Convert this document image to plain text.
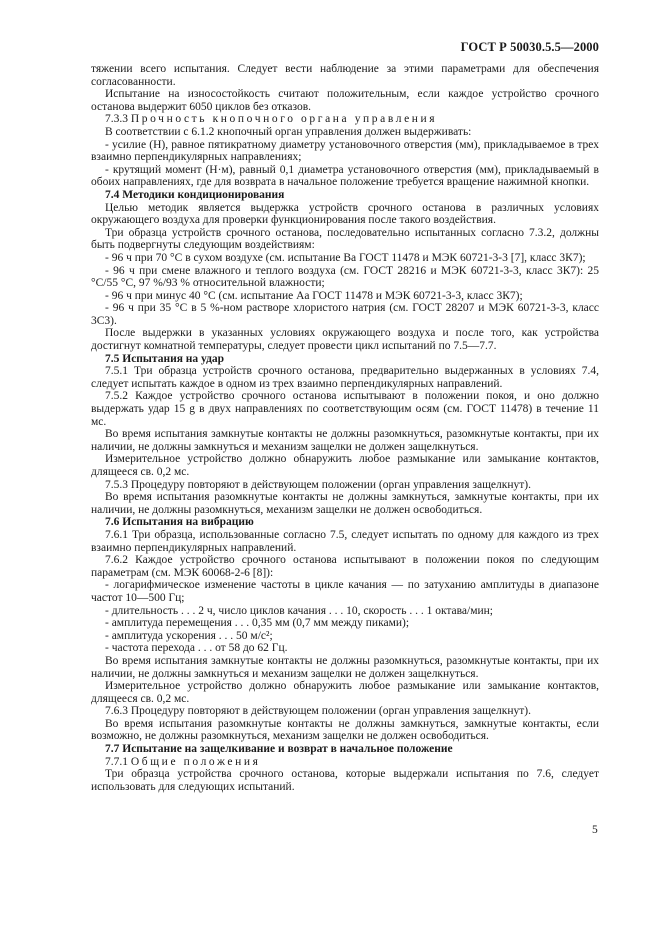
ГОСТ Р 50030.5.5—2000
тяжении всего испытания. Следует вести наблюдение за этими параметрами для обеспечения согласованности.
Испытание на износостойкость считают положительным, если каждое устройство срочного останова выдержит 6050 циклов без отказов.
7.3.3 Прочность кнопочного органа управления
В соответствии с 6.1.2 кнопочный орган управления должен выдерживать:
- усилие (Н), равное пятикратному диаметру установочного отверстия (мм), прикладываемое в трех взаимно перпендикулярных направлениях;
- крутящий момент (Н·м), равный 0,1 диаметра установочного отверстия (мм), прикладываемый в обоих направлениях, где для возврата в начальное положение требуется вращение нажимной кнопки.
7.4 Методики кондиционирования
Целью методик является выдержка устройств срочного останова в различных условиях окружающего воздуха для проверки функционирования после такого воздействия.
Три образца устройств срочного останова, последовательно испытанных согласно 7.3.2, должны быть подвергнуты следующим воздействиям:
- 96 ч при 70 °С в сухом воздухе (см. испытание Ва ГОСТ 11478 и МЭК 60721-3-3 [7], класс 3К7);
- 96 ч при смене влажного и теплого воздуха (см. ГОСТ 28216 и МЭК 60721-3-3, класс 3К7): 25 °С/55 °С, 97 %/93 % относительной влажности;
- 96 ч при минус 40 °С (см. испытание Аа ГОСТ 11478 и МЭК 60721-3-3, класс 3К7);
- 96 ч при 35 °С в 5 %-ном растворе хлористого натрия (см. ГОСТ 28207 и МЭК 60721-3-3, класс 3С3).
После выдержки в указанных условиях окружающего воздуха и после того, как устройства достигнут комнатной температуры, следует провести цикл испытаний по 7.5—7.7.
7.5 Испытания на удар
7.5.1 Три образца устройств срочного останова, предварительно выдержанных в условиях 7.4, следует испытать каждое в одном из трех взаимно перпендикулярных направлений.
7.5.2 Каждое устройство срочного останова испытывают в положении покоя, и оно должно выдержать удар 15 g в двух направлениях по соответствующим осям (см. ГОСТ 11478) в течение 11 мс.
Во время испытания замкнутые контакты не должны разомкнуться, разомкнутые контакты, при их наличии, не должны замкнуться и механизм защелки не должен защелкнуться.
Измерительное устройство должно обнаружить любое размыкание или замыкание контактов, длящееся св. 0,2 мс.
7.5.3 Процедуру повторяют в действующем положении (орган управления защелкнут).
Во время испытания разомкнутые контакты не должны замкнуться, замкнутые контакты, при их наличии, не должны разомкнуться, механизм защелки не должен освободиться.
7.6 Испытания на вибрацию
7.6.1 Три образца, использованные согласно 7.5, следует испытать по одному для каждого из трех взаимно перпендикулярных направлений.
7.6.2 Каждое устройство срочного останова испытывают в положении покоя по следующим параметрам (см. МЭК 60068-2-6 [8]):
- логарифмическое изменение частоты в цикле качания — по затуханию амплитуды в диапазоне частот 10—500 Гц;
- длительность . . . 2 ч, число циклов качания . . . 10, скорость . . . 1 октава/мин;
- амплитуда перемещения . . . 0,35 мм (0,7 мм между пиками);
- амплитуда ускорения . . . 50 м/с²;
- частота перехода . . . от 58 до 62 Гц.
Во время испытания замкнутые контакты не должны разомкнуться, разомкнутые контакты, при их наличии, не должны замкнуться и механизм защелки не должен защелкнуться.
Измерительное устройство должно обнаружить любое размыкание или замыкание контактов, длящееся св. 0,2 мс.
7.6.3 Процедуру повторяют в действующем положении (орган управления защелкнут).
Во время испытания разомкнутые контакты не должны замкнуться, замкнутые контакты, если возможно, не должны разомкнуться, механизм защелки не должен освободиться.
7.7 Испытание на защелкивание и возврат в начальное положение
7.7.1 Общие положения
Три образца устройства срочного останова, которые выдержали испытания по 7.6, следует использовать для следующих испытаний.
5
